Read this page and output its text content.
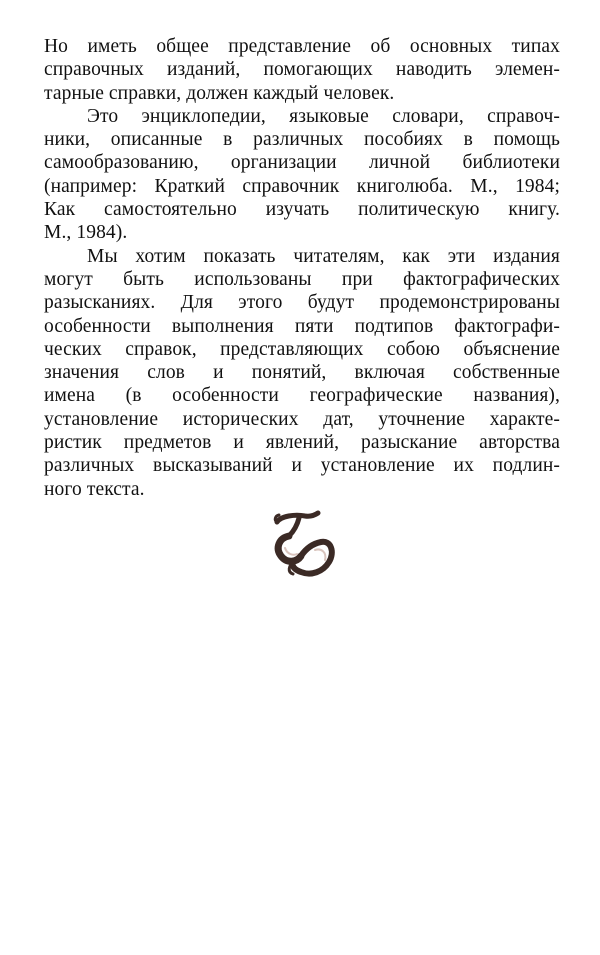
Но иметь общее представление об основных типах
справочных изданий, помогающих наводить элемен-
тарные справки, должен каждый человек.
Это энциклопедии, языковые словари, справоч-
ники, описанные в различных пособиях в помощь
самообразованию, организации личной библиотеки
(например: Краткий справочник книголюба. М., 1984;
Как самостоятельно изучать политическую книгу.
М., 1984).
Мы хотим показать читателям, как эти издания
могут быть использованы при фактографических
разысканиях. Для этого будут продемонстрированы
особенности выполнения пяти подтипов фактографи-
ческих справок, представляющих собою объяснение
значения слов и понятий, включая собственные
имена (в особенности географические названия),
установление исторических дат, уточнение характе-
ристик предметов и явлений, разыскание авторства
различных высказываний и установление их подлин-
ного текста.
